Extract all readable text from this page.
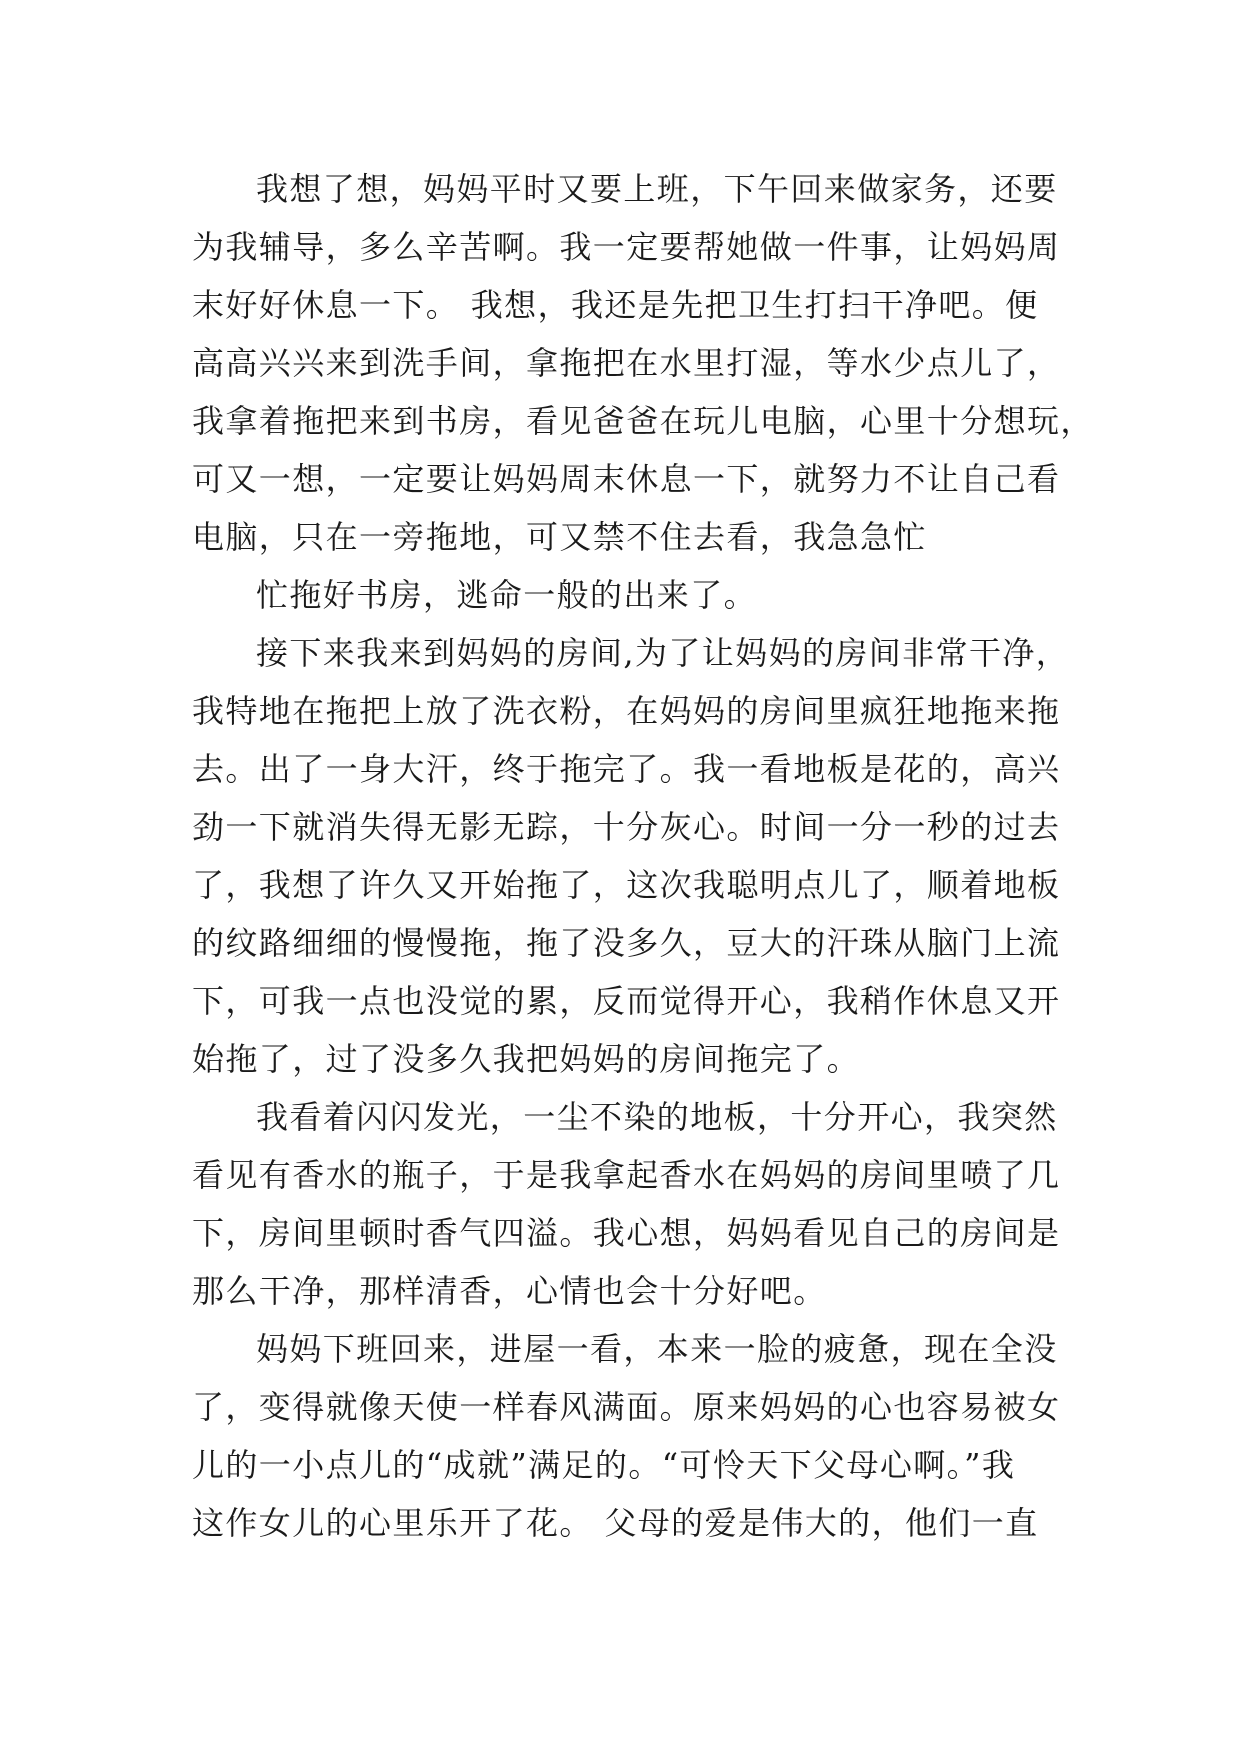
我想了想，妈妈平时又要上班，下午回来做家务，还要
为我辅导，多么辛苦啊。我一定要帮她做一件事，让妈妈周
末好好休息一下。 我想，我还是先把卫生打扫干净吧。便
高高兴兴来到洗手间，拿拖把在水里打湿，等水少点儿了，
我拿着拖把来到书房，看见爸爸在玩儿电脑，心里十分想玩，
可又一想，一定要让妈妈周末休息一下，就努力不让自己看
电脑，只在一旁拖地，可又禁不住去看，我急急忙
忙拖好书房，逃命一般的出来了。
接下来我来到妈妈的房间,为了让妈妈的房间非常干净，
我特地在拖把上放了洗衣粉，在妈妈的房间里疯狂地拖来拖
去。出了一身大汗，终于拖完了。我一看地板是花的，高兴
劲一下就消失得无影无踪，十分灰心。时间一分一秒的过去
了，我想了许久又开始拖了，这次我聪明点儿了，顺着地板
的纹路细细的慢慢拖，拖了没多久，豆大的汗珠从脑门上流
下，可我一点也没觉的累，反而觉得开心，我稍作休息又开
始拖了，过了没多久我把妈妈的房间拖完了。
我看着闪闪发光，一尘不染的地板，十分开心，我突然
看见有香水的瓶子，于是我拿起香水在妈妈的房间里喷了几
下，房间里顿时香气四溢。我心想，妈妈看见自己的房间是
那么干净，那样清香，心情也会十分好吧。
妈妈下班回来，进屋一看，本来一脸的疲惫，现在全没
了，变得就像天使一样春风满面。原来妈妈的心也容易被女
儿的一小点儿的“成就”满足的。“可怜天下父母心啊。”我
这作女儿的心里乐开了花。 父母的爱是伟大的，他们一直
